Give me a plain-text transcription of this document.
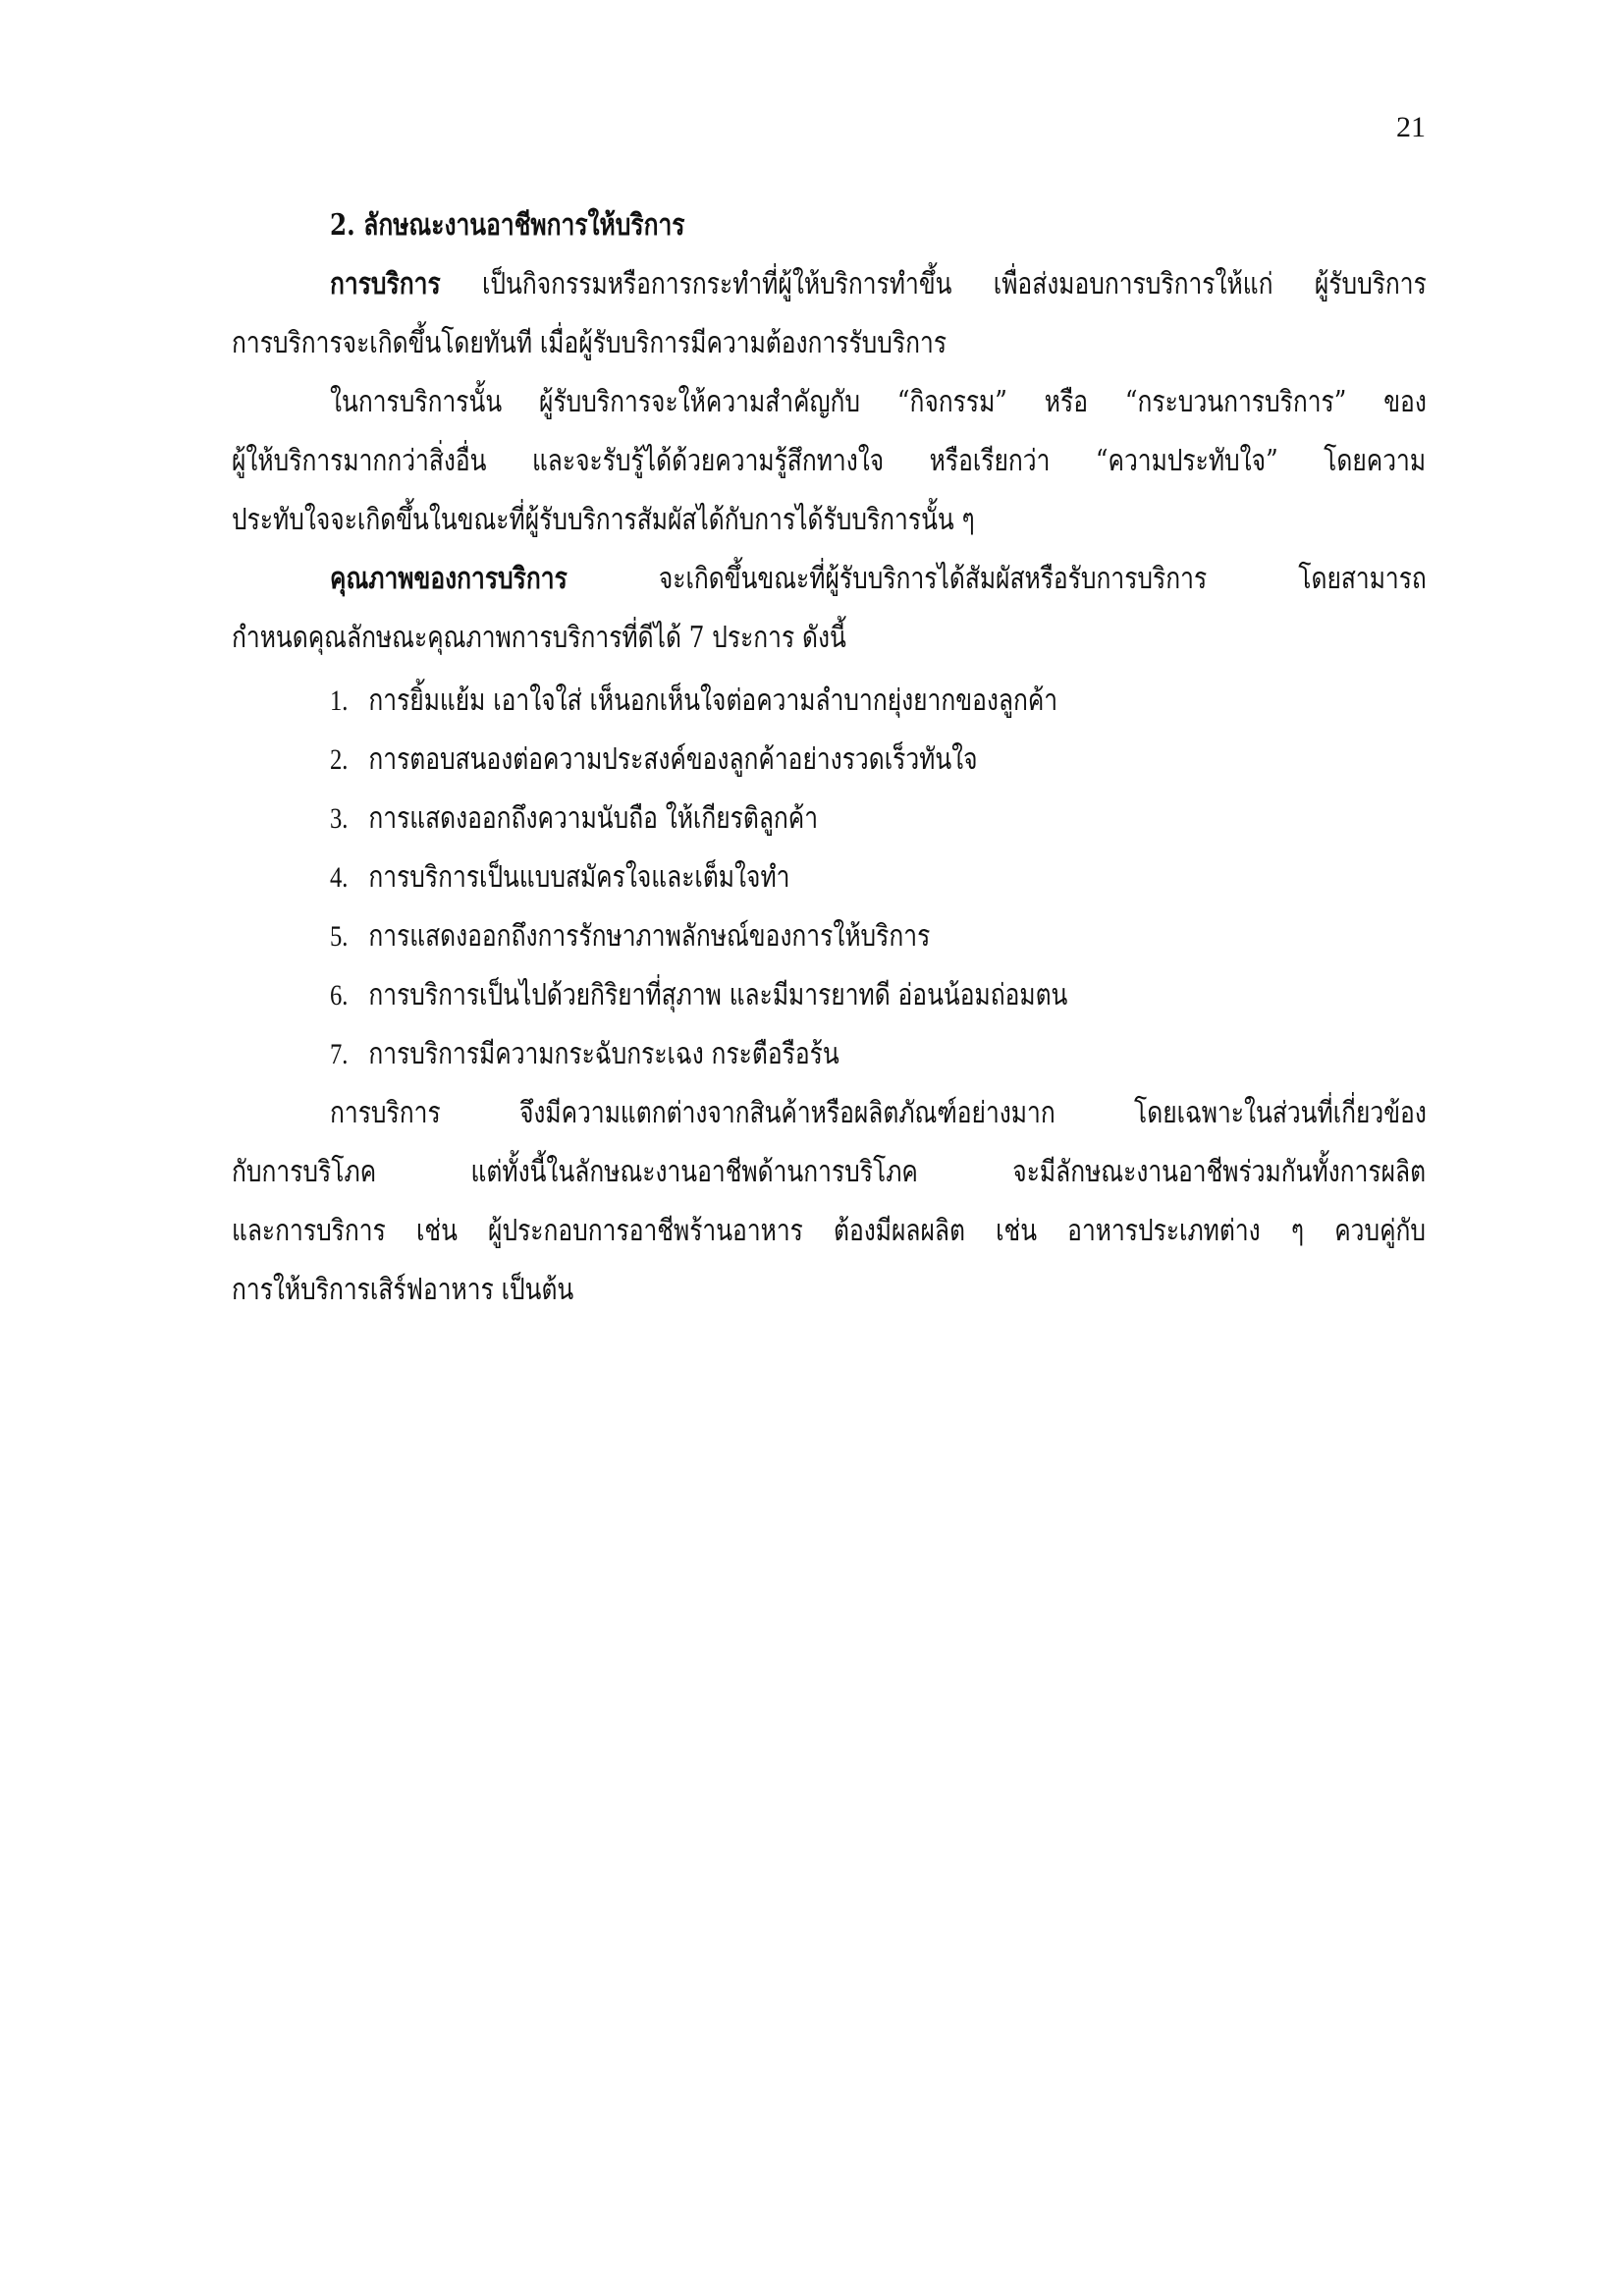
21
2. ลักษณะงานอาชีพการให้บริการ
การบริการ เป็นกิจกรรมหรือการกระทำที่ผู้ให้บริการทำขึ้น เพื่อส่งมอบการบริการให้แก่ ผู้รับบริการ
การบริการจะเกิดขึ้นโดยทันที เมื่อผู้รับบริการมีความต้องการรับบริการ
ในการบริการนั้น ผู้รับบริการจะให้ความสำคัญกับ “กิจกรรม” หรือ “กระบวนการบริการ” ของ
ผู้ให้บริการมากกว่าสิ่งอื่น และจะรับรู้ได้ด้วยความรู้สึกทางใจ หรือเรียกว่า “ความประทับใจ” โดยความ
ประทับใจจะเกิดขึ้นในขณะที่ผู้รับบริการสัมผัสได้กับการได้รับบริการนั้น ๆ
คุณภาพของการบริการ จะเกิดขึ้นขณะที่ผู้รับบริการได้สัมผัสหรือรับการบริการ โดยสามารถ
กำหนดคุณลักษณะคุณภาพการบริการที่ดีได้ 7 ประการ ดังนี้
1. การยิ้มแย้ม เอาใจใส่ เห็นอกเห็นใจต่อความลำบากยุ่งยากของลูกค้า
2. การตอบสนองต่อความประสงค์ของลูกค้าอย่างรวดเร็วทันใจ
3. การแสดงออกถึงความนับถือ ให้เกียรติลูกค้า
4. การบริการเป็นแบบสมัครใจและเต็มใจทำ
5. การแสดงออกถึงการรักษาภาพลักษณ์ของการให้บริการ
6. การบริการเป็นไปด้วยกิริยาที่สุภาพ และมีมารยาทดี อ่อนน้อมถ่อมตน
7. การบริการมีความกระฉับกระเฉง กระตือรือร้น
การบริการ จึงมีความแตกต่างจากสินค้าหรือผลิตภัณฑ์อย่างมาก โดยเฉพาะในส่วนที่เกี่ยวข้อง
กับการบริโภค แต่ทั้งนี้ในลักษณะงานอาชีพด้านการบริโภค จะมีลักษณะงานอาชีพร่วมกันทั้งการผลิต
และการบริการ เช่น ผู้ประกอบการอาชีพร้านอาหาร ต้องมีผลผลิต เช่น อาหารประเภทต่าง ๆ ควบคู่กับ
การให้บริการเสิร์ฟอาหาร เป็นต้น
